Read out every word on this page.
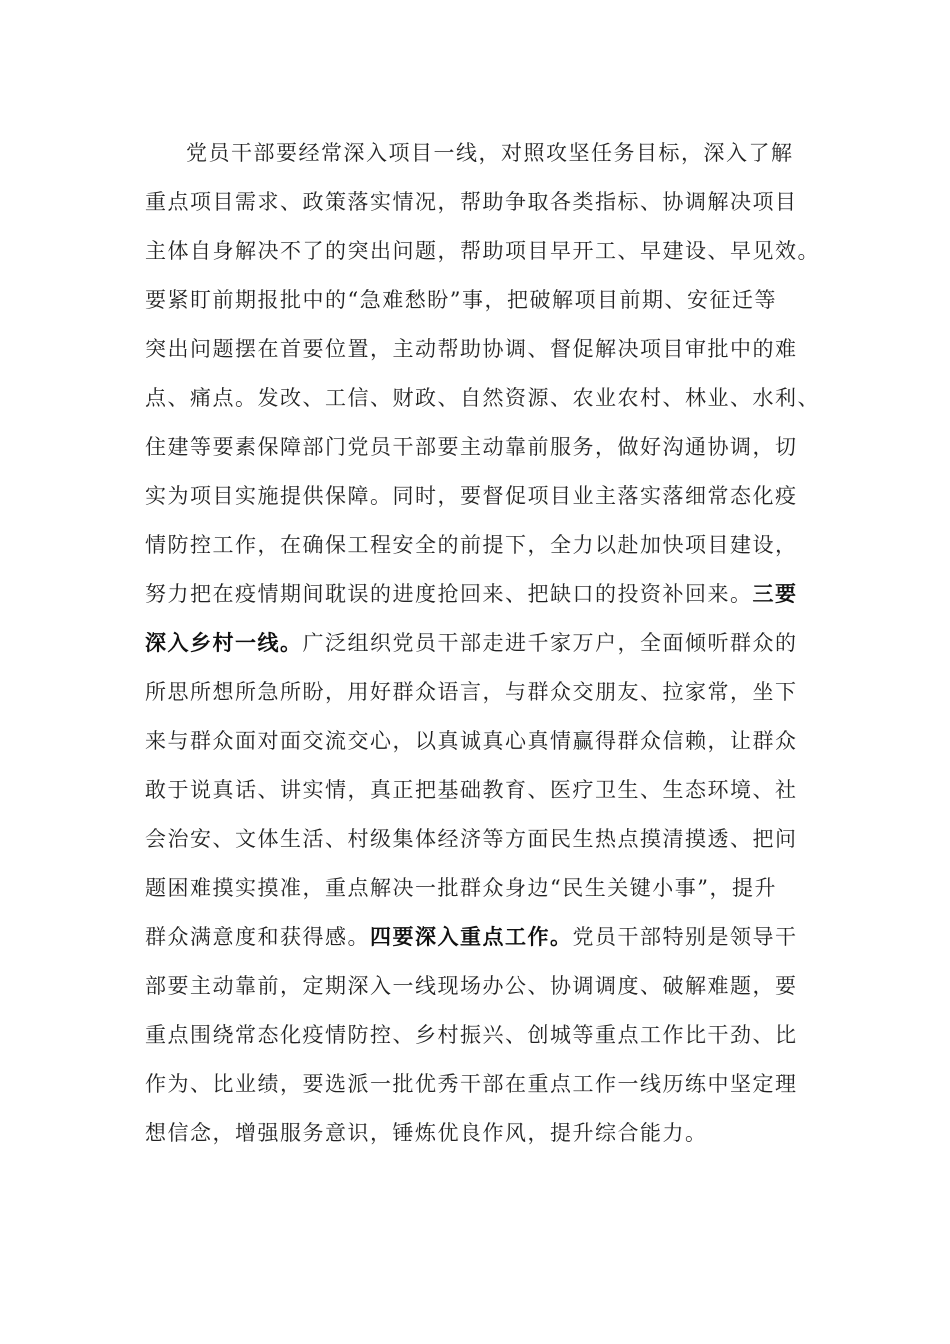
党员干部要经常深入项目一线，对照攻坚任务目标，深入了解
重点项目需求、政策落实情况，帮助争取各类指标、协调解决项目
主体自身解决不了的突出问题，帮助项目早开工、早建设、早见效。
要紧盯前期报批中的“急难愁盼”事，把破解项目前期、安征迁等
突出问题摆在首要位置，主动帮助协调、督促解决项目审批中的难
点、痛点。发改、工信、财政、自然资源、农业农村、林业、水利、
住建等要素保障部门党员干部要主动靠前服务，做好沟通协调，切
实为项目实施提供保障。同时，要督促项目业主落实落细常态化疫
情防控工作，在确保工程安全的前提下，全力以赴加快项目建设，
努力把在疫情期间耽误的进度抢回来、把缺口的投资补回来。三要
深入乡村一线。广泛组织党员干部走进千家万户，全面倾听群众的
所思所想所急所盼，用好群众语言，与群众交朋友、拉家常，坐下
来与群众面对面交流交心，以真诚真心真情赢得群众信赖，让群众
敢于说真话、讲实情，真正把基础教育、医疗卫生、生态环境、社
会治安、文体生活、村级集体经济等方面民生热点摸清摸透、把问
题困难摸实摸准，重点解决一批群众身边“民生关键小事”，提升
群众满意度和获得感。四要深入重点工作。党员干部特别是领导干
部要主动靠前，定期深入一线现场办公、协调调度、破解难题，要
重点围绕常态化疫情防控、乡村振兴、创城等重点工作比干劲、比
作为、比业绩，要选派一批优秀干部在重点工作一线历练中坚定理
想信念，增强服务意识，锤炼优良作风，提升综合能力。
